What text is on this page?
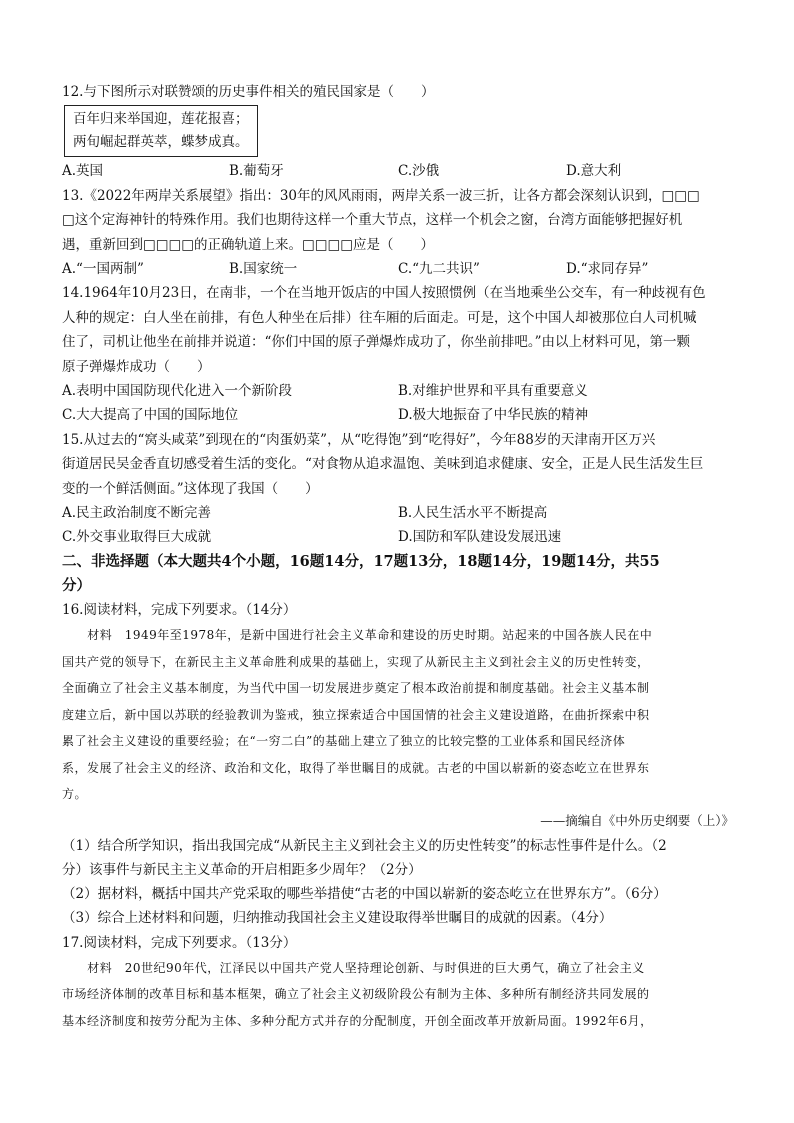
12.与下图所示对联赞颂的历史事件相关的殖民国家是（　　）
百年归来举国迎，莲花报喜；
两旬崛起群英萃，蝶梦成真。
A.英国	B.葡萄牙	C.沙俄	D.意大利
13.《2022年两岸关系展望》指出：30年的风风雨雨，两岸关系一波三折，让各方都会深刻认识到，□□□
□这个定海神针的特殊作用。我们也期待这样一个重大节点，这样一个机会之窗，台湾方面能够把握好机
遇，重新回到□□□□的正确轨道上来。□□□□应是（　　）
A.“一国两制”	B.国家统一	C.“九二共识”	D.“求同存异”
14.1964年10月23日，在南非，一个在当地开饭店的中国人按照惯例（在当地乘坐公交车，有一种歧视有色
人种的规定：白人坐在前排，有色人种坐在后排）往车厢的后面走。可是，这个中国人却被那位白人司机喊
住了，司机让他坐在前排并说道：“你们中国的原子弹爆炸成功了，你坐前排吧。”由以上材料可见，第一颗
原子弹爆炸成功（　　）
A.表明中国国防现代化进入一个新阶段	B.对维护世界和平具有重要意义
C.大大提高了中国的国际地位	D.极大地振奋了中华民族的精神
15.从过去的“窝头咸菜”到现在的“肉蛋奶菜”，从“吃得饱”到“吃得好”，今年88岁的天津南开区万兴
街道居民吴金香直切感受着生活的变化。“对食物从追求温饱、美味到追求健康、安全，正是人民生活发生巨
变的一个鲜活侧面。”这体现了我国（　　）
A.民主政治制度不断完善	B.人民生活水平不断提高
C.外交事业取得巨大成就	D.国防和军队建设发展迅速
二、非选择题（本大题共4个小题，16题14分，17题13分，18题14分，19题14分，共55
分）
16.阅读材料，完成下列要求。（14分）

材料　1949年至1978年，是新中国进行社会主义革命和建设的历史时期。站起来的中国各族人民在中

国共产党的领导下，在新民主主义革命胜利成果的基础上，实现了从新民主主义到社会主义的历史性转变，
全面确立了社会主义基本制度，为当代中国一切发展进步奠定了根本政治前提和制度基础。社会主义基本制
度建立后，新中国以苏联的经验教训为鉴戒，独立探索适合中国国情的社会主义建设道路，在曲折探索中积
累了社会主义建设的重要经验；在“一穷二白”的基础上建立了独立的比较完整的工业体系和国民经济体
系，发展了社会主义的经济、政治和文化，取得了举世瞩目的成就。古老的中国以崭新的姿态屹立在世界东
方。
——摘编自《中外历史纲要（上）》
（1）结合所学知识，指出我国完成“从新民主主义到社会主义的历史性转变”的标志性事件是什么。（2
分）该事件与新民主主义革命的开启相距多少周年？（2分）
（2）据材料，概括中国共产党采取的哪些举措使“古老的中国以崭新的姿态屹立在世界东方”。（6分）
（3）综合上述材料和问题，归纳推动我国社会主义建设取得举世瞩目的成就的因素。（4分）
17.阅读材料，完成下列要求。（13分）

材料　20世纪90年代，江泽民以中国共产党人坚持理论创新、与时俱进的巨大勇气，确立了社会主义

市场经济体制的改革目标和基本框架，确立了社会主义初级阶段公有制为主体、多种所有制经济共同发展的
基本经济制度和按劳分配为主体、多种分配方式并存的分配制度，开创全面改革开放新局面。1992年6月，
